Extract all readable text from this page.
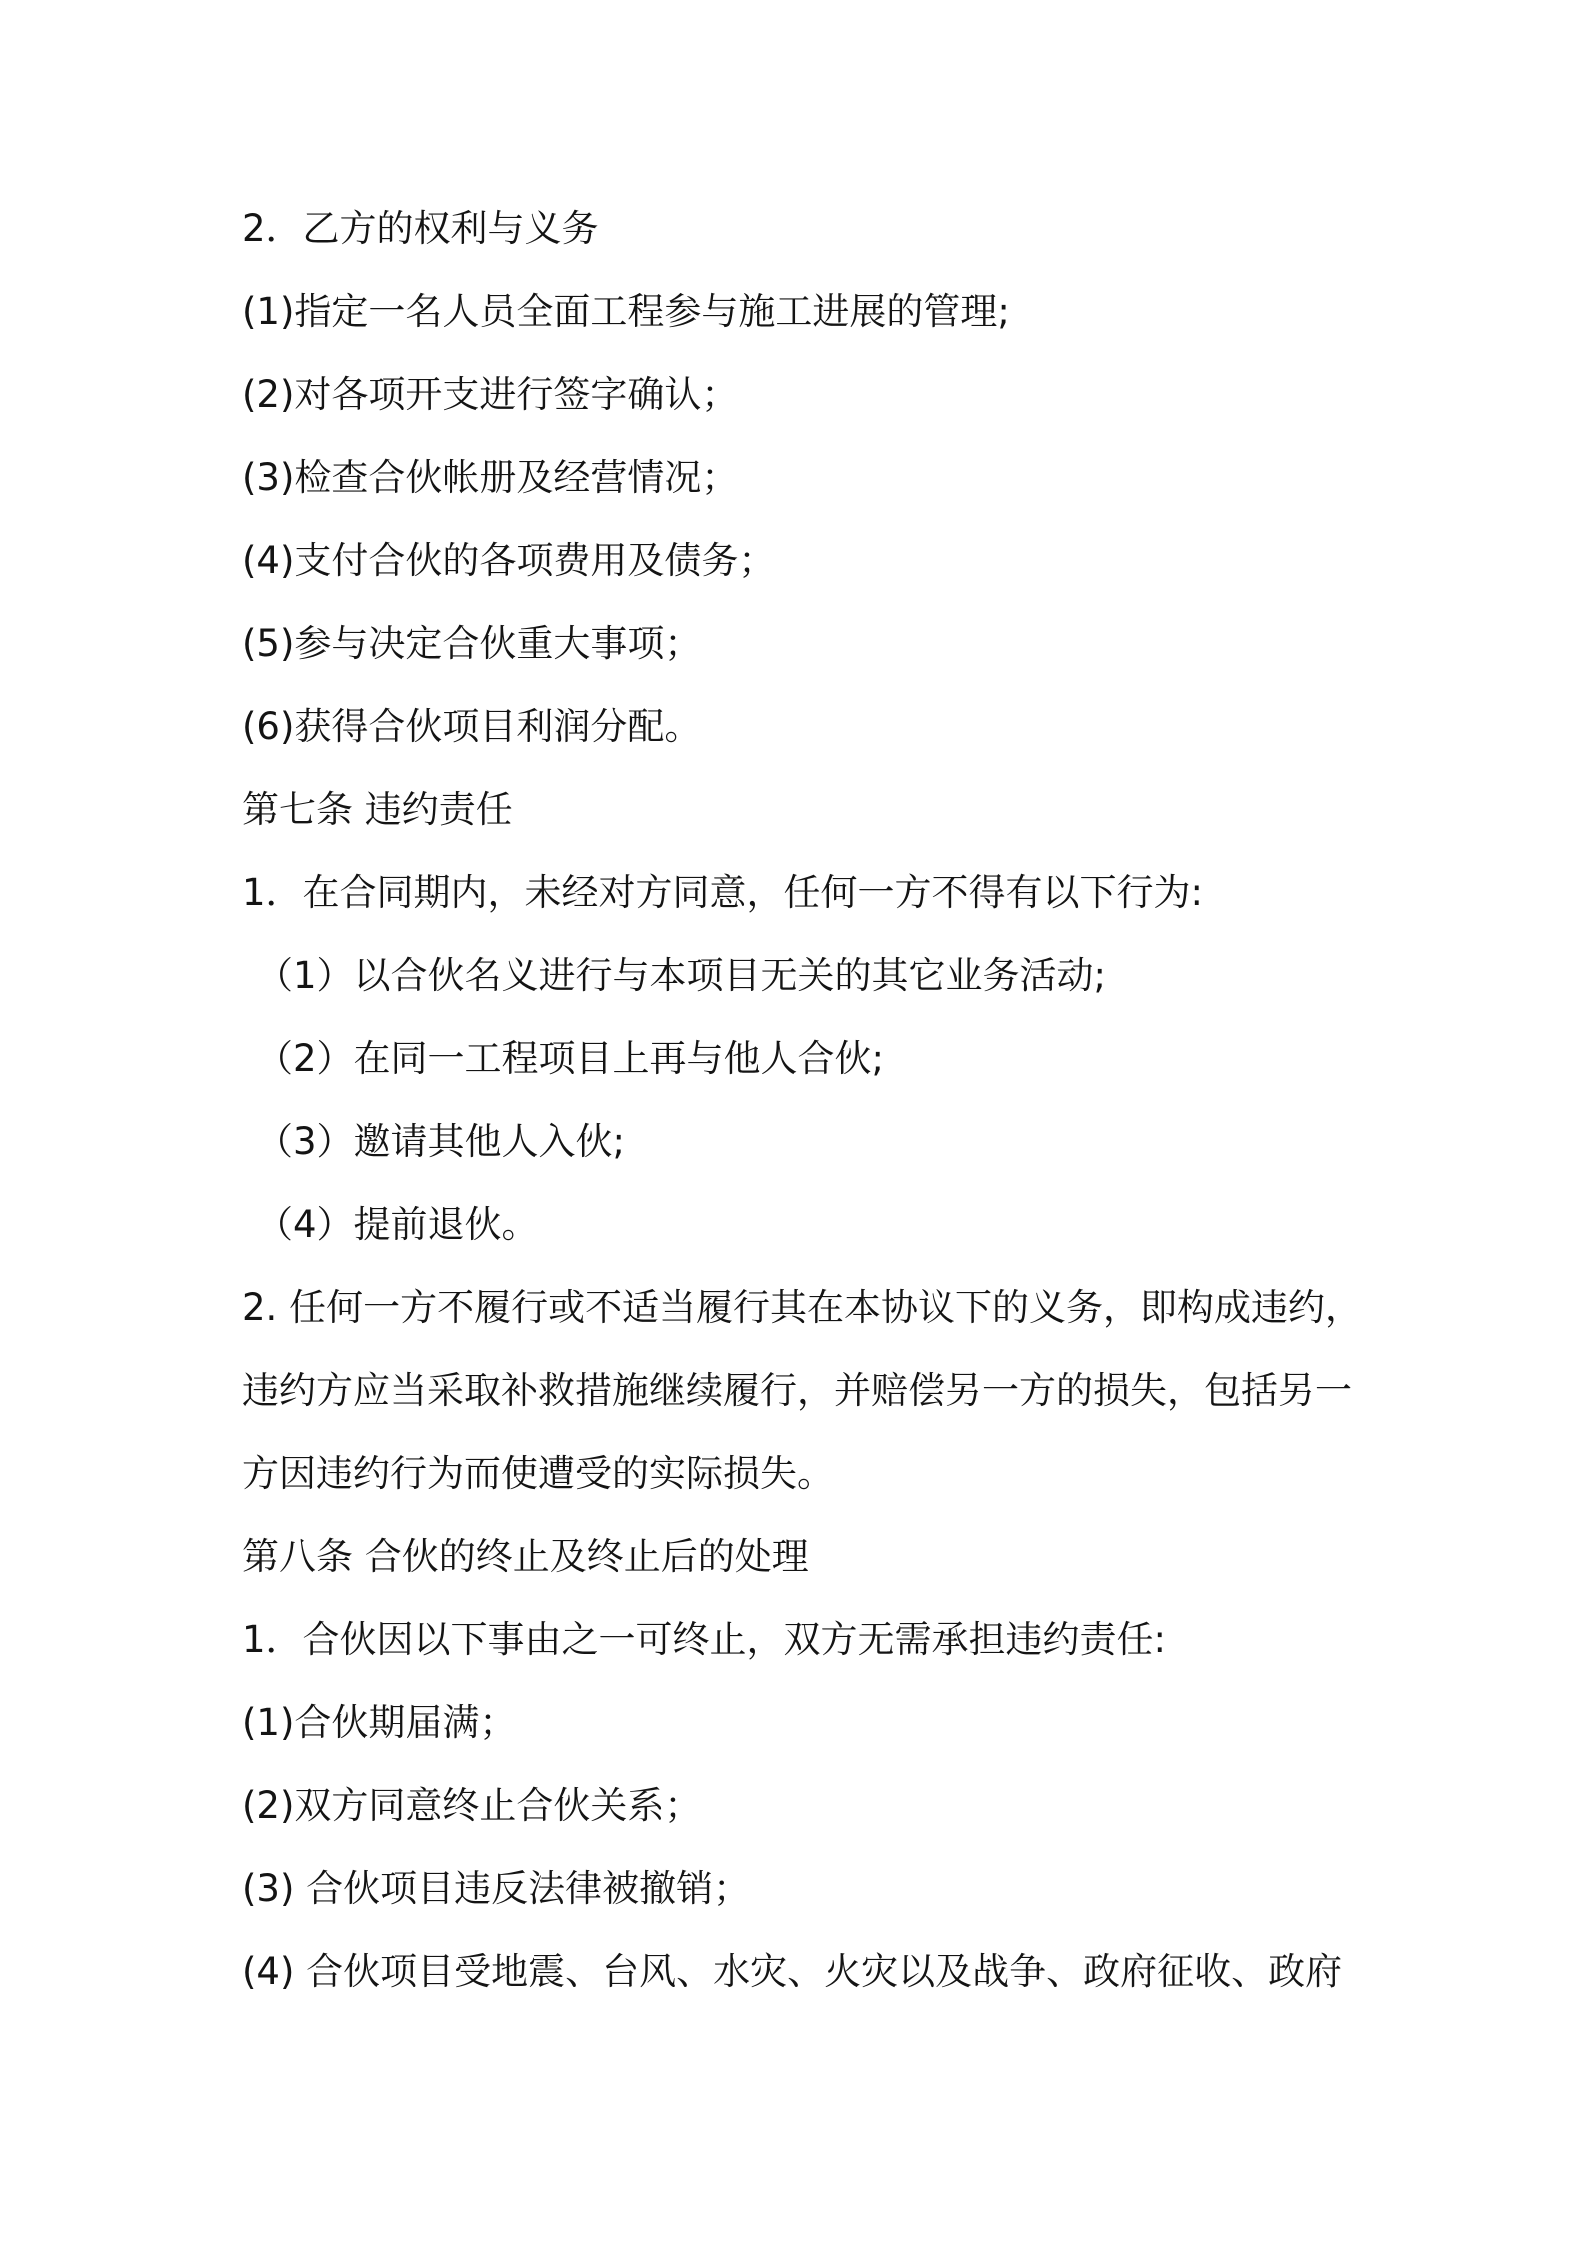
2．乙方的权利与义务

(1)指定一名人员全面工程参与施工进展的管理;

(2)对各项开支进行签字确认；

(3)检查合伙帐册及经营情况；

(4)支付合伙的各项费用及债务；

(5)参与决定合伙重大事项；

(6)获得合伙项目利润分配。

第七条 违约责任

1．在合同期内，未经对方同意，任何一方不得有以下行为:

（1）以合伙名义进行与本项目无关的其它业务活动;

（2）在同一工程项目上再与他人合伙;

（3）邀请其他人入伙;

（4）提前退伙。

2. 任何一方不履行或不适当履行其在本协议下的义务，即构成违约，

违约方应当采取补救措施继续履行，并赔偿另一方的损失，包括另一

方因违约行为而使遭受的实际损失。

第八条 合伙的终止及终止后的处理

1．合伙因以下事由之一可终止，双方无需承担违约责任:

(1)合伙期届满；

(2)双方同意终止合伙关系；

(3) 合伙项目违反法律被撤销；

(4) 合伙项目受地震、台风、水灾、火灾以及战争、政府征收、政府
